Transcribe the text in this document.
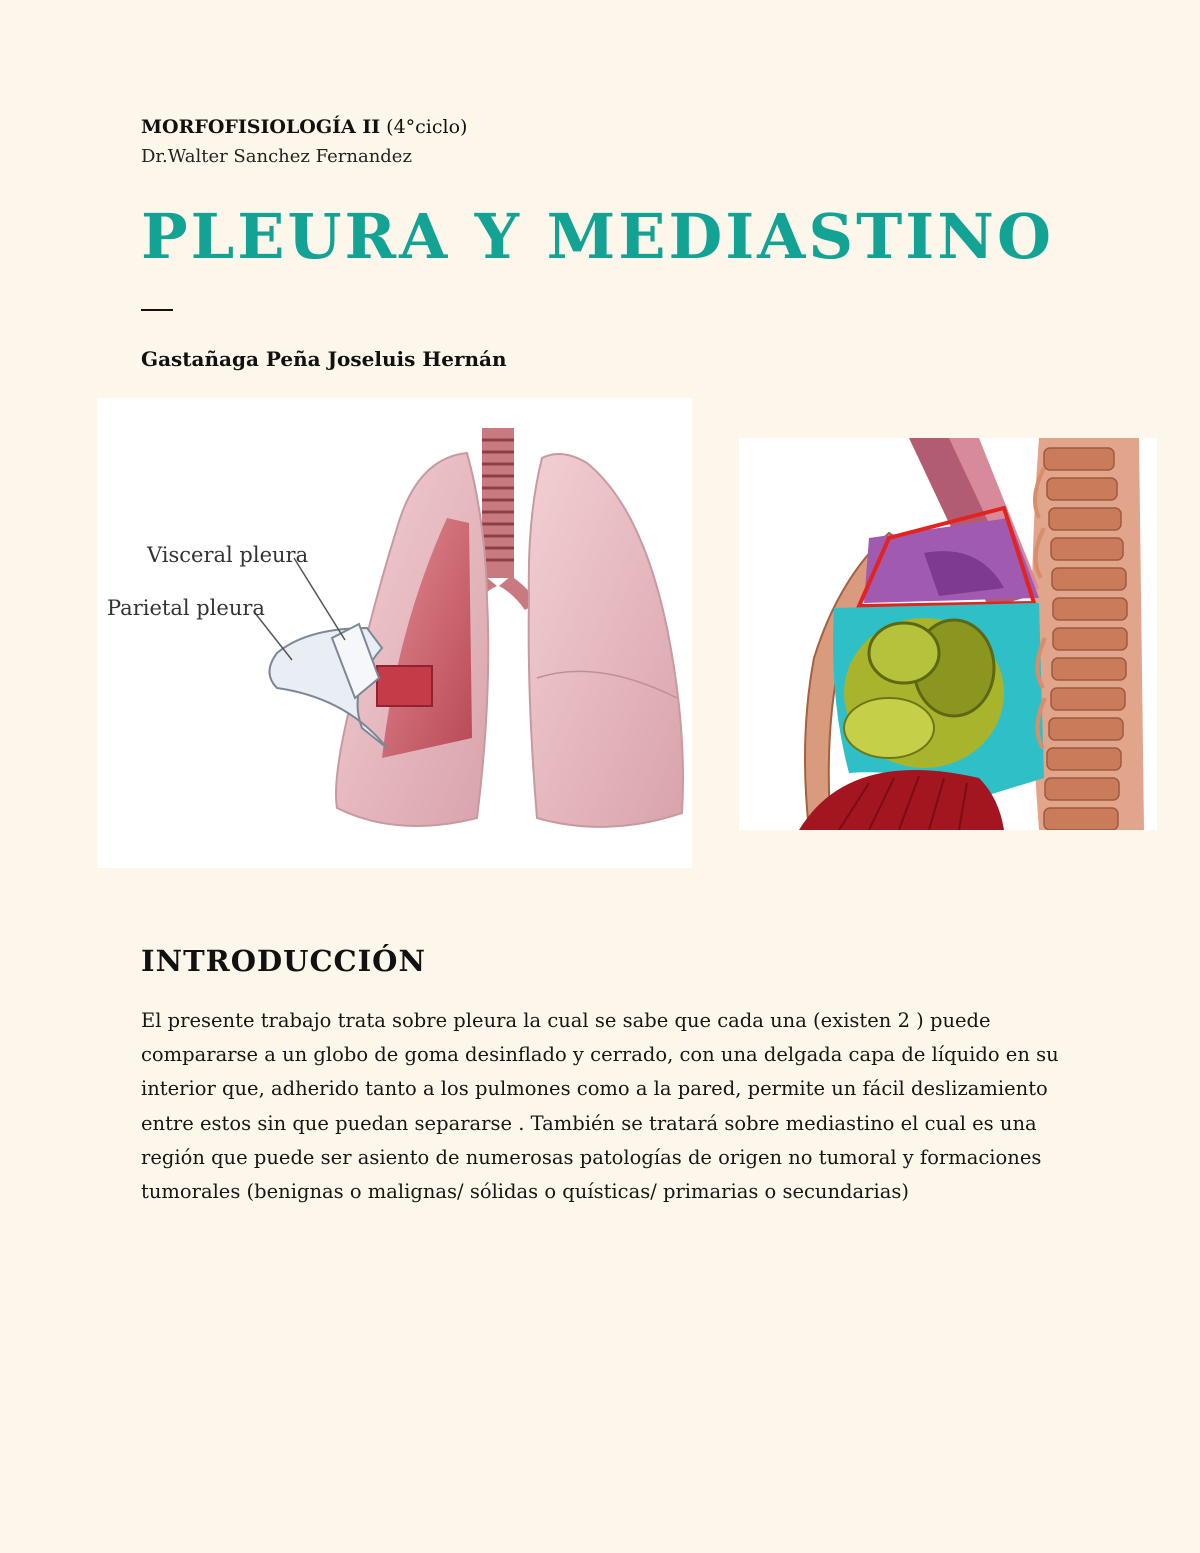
MORFOFISIOLOGÍA II (4°ciclo)
Dr.Walter Sanchez Fernandez
PLEURA Y MEDIASTINO
Gastañaga Peña Joseluis Hernán
Visceral pleura
Parietal pleura
INTRODUCCIÓN
El presente trabajo trata sobre pleura la cual se sabe que cada una (existen 2 ) puede compararse a un globo de goma desinflado y cerrado, con una delgada capa de líquido en su interior que, adherido tanto a los pulmones como a la pared, permite un fácil deslizamiento entre estos sin que puedan separarse . También se tratará sobre mediastino el cual es una región que puede ser asiento de numerosas patologías de origen no tumoral y formaciones tumorales (benignas o malignas/ sólidas o quísticas/ primarias o secundarias)
